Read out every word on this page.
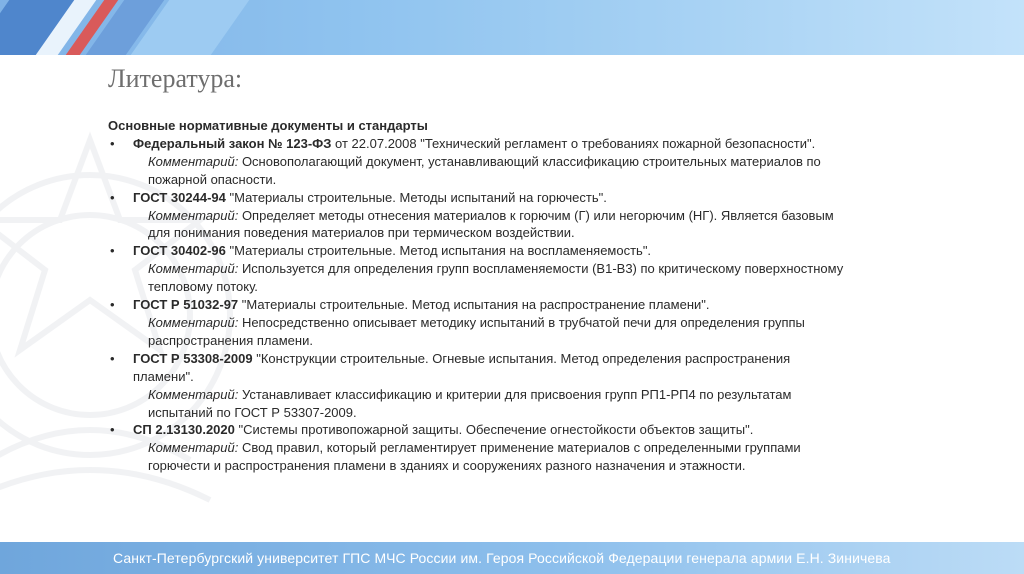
Литература:
Основные нормативные документы и стандарты
• Федеральный закон № 123-ФЗ от 22.07.2008 "Технический регламент о требованиях пожарной безопасности".
Комментарий: Основополагающий документ, устанавливающий классификацию строительных материалов по пожарной опасности.
• ГОСТ 30244-94 "Материалы строительные. Методы испытаний на горючесть".
Комментарий: Определяет методы отнесения материалов к горючим (Г) или негорючим (НГ). Является базовым для понимания поведения материалов при термическом воздействии.
• ГОСТ 30402-96 "Материалы строительные. Метод испытания на воспламеняемость".
Комментарий: Используется для определения групп воспламеняемости (В1-В3) по критическому поверхностному тепловому потоку.
• ГОСТ Р 51032-97 "Материалы строительные. Метод испытания на распространение пламени".
Комментарий: Непосредственно описывает методику испытаний в трубчатой печи для определения группы распространения пламени.
• ГОСТ Р 53308-2009 "Конструкции строительные. Огневые испытания. Метод определения распространения пламени".
Комментарий: Устанавливает классификацию и критерии для присвоения групп РП1-РП4 по результатам испытаний по ГОСТ Р 53307-2009.
• СП 2.13130.2020 "Системы противопожарной защиты. Обеспечение огнестойкости объектов защиты".
Комментарий: Свод правил, который регламентирует применение материалов с определенными группами горючести и распространения пламени в зданиях и сооружениях разного назначения и этажности.
Санкт-Петербургский университет ГПС МЧС России им. Героя Российской Федерации генерала армии Е.Н. Зиничева
